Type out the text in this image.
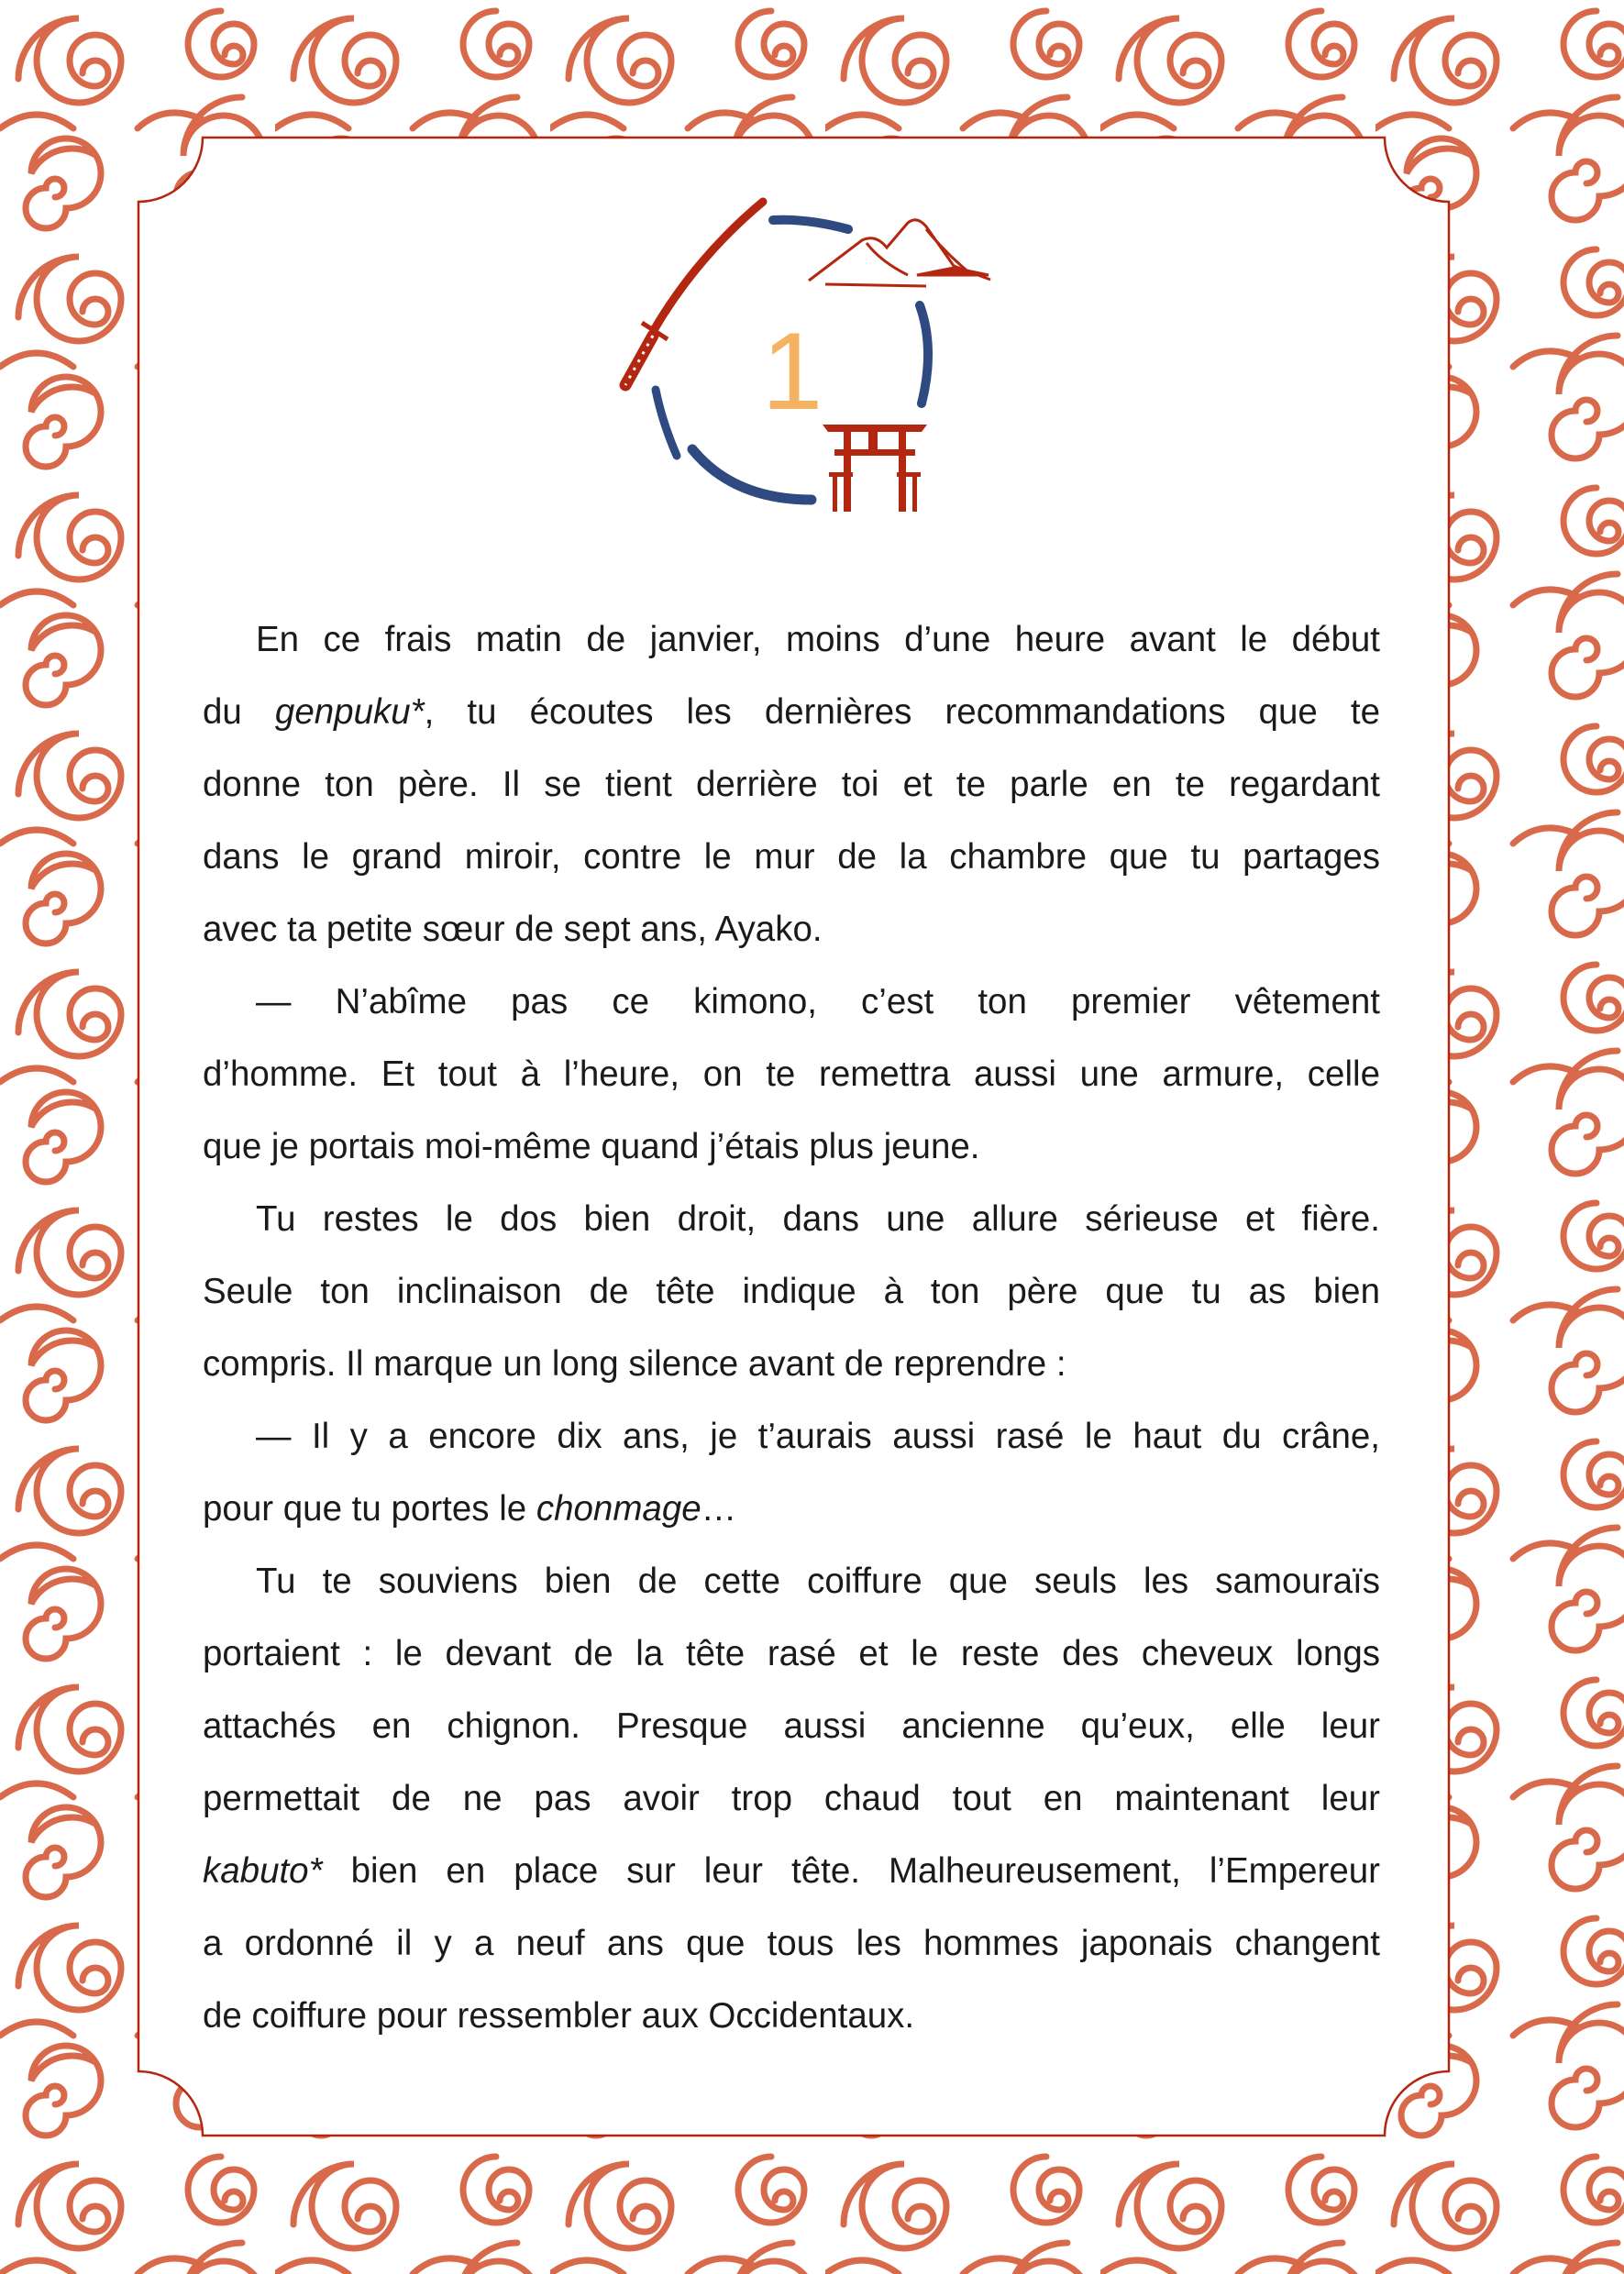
1
En ce frais matin de janvier, moins d’une heure avant le début
du genpuku*, tu écoutes les dernières recommandations que te
donne ton père. Il se tient derrière toi et te parle en te regardant
dans le grand miroir, contre le mur de la chambre que tu partages
avec ta petite sœur de sept ans, Ayako.
— N’abîme pas ce kimono, c’est ton premier vêtement
d’homme. Et tout à l’heure, on te remettra aussi une armure, celle
que je portais moi-même quand j’étais plus jeune.
Tu restes le dos bien droit, dans une allure sérieuse et fière.
Seule ton inclinaison de tête indique à ton père que tu as bien
compris. Il marque un long silence avant de reprendre :
— Il y a encore dix ans, je t’aurais aussi rasé le haut du crâne,
pour que tu portes le chonmage…
Tu te souviens bien de cette coiffure que seuls les samouraïs
portaient : le devant de la tête rasé et le reste des cheveux longs
attachés en chignon. Presque aussi ancienne qu’eux, elle leur
permettait de ne pas avoir trop chaud tout en maintenant leur
kabuto* bien en place sur leur tête. Malheureusement, l’Empereur
a ordonné il y a neuf ans que tous les hommes japonais changent
de coiffure pour ressembler aux Occidentaux.
